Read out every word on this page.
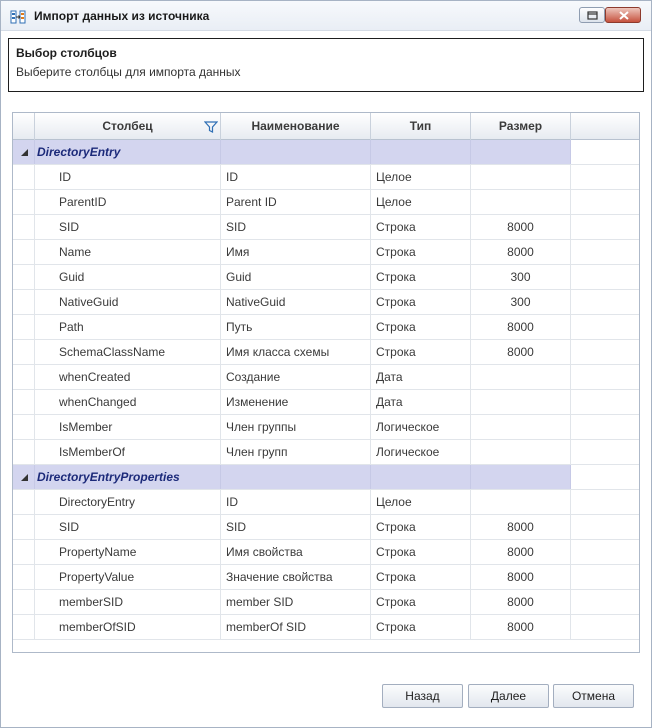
Импорт данных из источника
Выбор столбцов
Выберите столбцы для импорта данных
Столбец	Наименование	Тип	Размер
DirectoryEntry
ID	ID	Целое
ParentID	Parent ID	Целое
SID	SID	Строка	8000
Name	Имя	Строка	8000
Guid	Guid	Строка	300
NativeGuid	NativeGuid	Строка	300
Path	Путь	Строка	8000
SchemaClassName	Имя класса схемы	Строка	8000
whenCreated	Создание	Дата
whenChanged	Изменение	Дата
IsMember	Член группы	Логическое
IsMemberOf	Член групп	Логическое
DirectoryEntryProperties
DirectoryEntry	ID	Целое
SID	SID	Строка	8000
PropertyName	Имя свойства	Строка	8000
PropertyValue	Значение свойства	Строка	8000
memberSID	member SID	Строка	8000
memberOfSID	memberOf SID	Строка	8000
Назад	Далее	Отмена
